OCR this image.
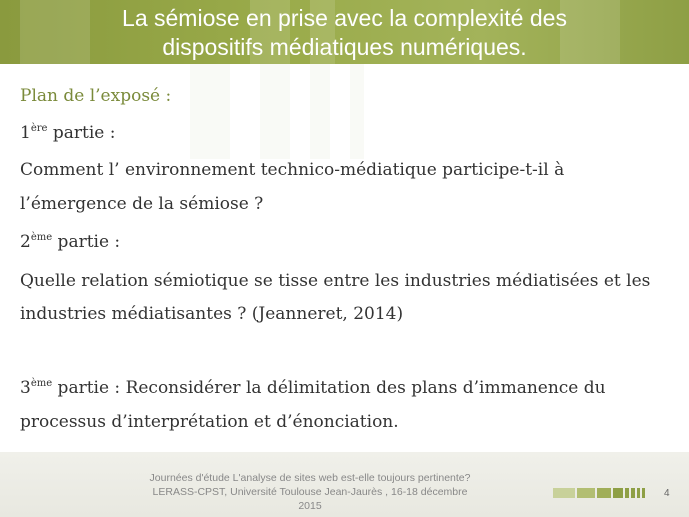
La sémiose en prise avec la complexité des
dispositifs médiatiques numériques.
Plan de l’exposé :
1ère partie :
Comment l’ environnement technico-médiatique participe-t-il à
l’émergence de la sémiose ?
2ème partie :
Quelle relation sémiotique se tisse entre les industries médiatisées et les
industries médiatisantes ? (Jeanneret, 2014)
3ème partie : Reconsidérer la délimitation des plans d’immanence du
processus d’interprétation et d’énonciation.
Journées d'étude L'analyse de sites web est-elle toujours pertinente?
LERASS-CPST, Université Toulouse Jean-Jaurès , 16-18 décembre
2015
4
